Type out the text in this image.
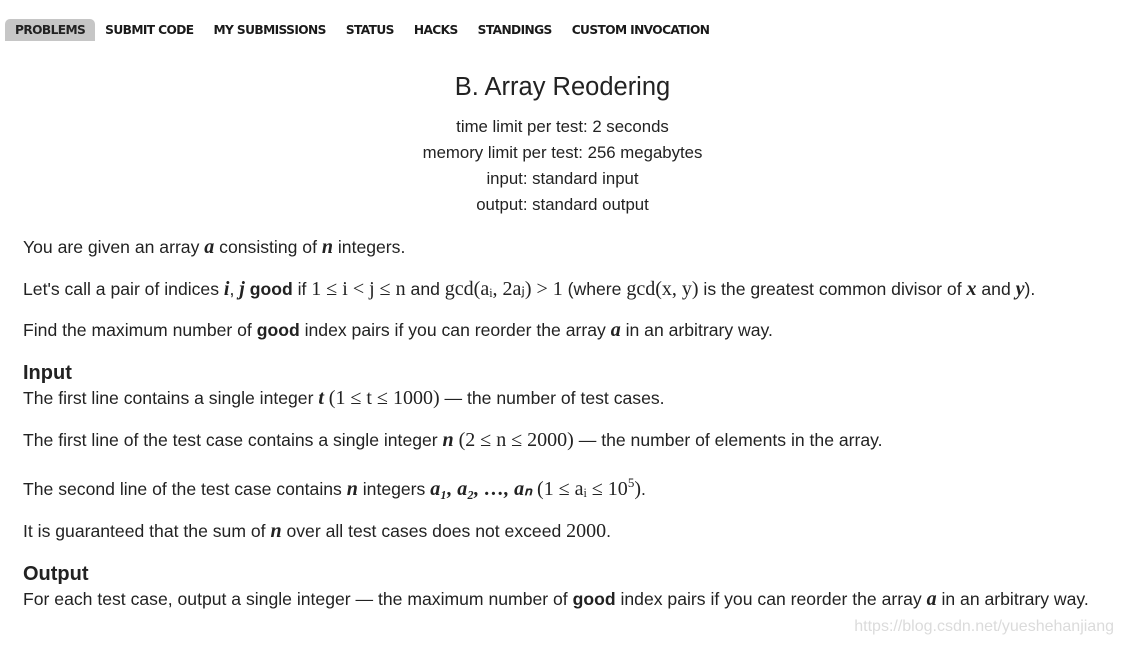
PROBLEMS	SUBMIT CODE	MY SUBMISSIONS	STATUS	HACKS	STANDINGS	CUSTOM INVOCATION
B. Array Reodering
time limit per test: 2 seconds
memory limit per test: 256 megabytes
input: standard input
output: standard output

You are given an array a consisting of n integers.

Let's call a pair of indices i, j good if 1 ≤ i < j ≤ n and gcd(aᵢ, 2aⱼ) > 1 (where gcd(x, y) is the greatest common divisor of x and y).

Find the maximum number of good index pairs if you can reorder the array a in an arbitrary way.

Input

The first line contains a single integer t (1 ≤ t ≤ 1000) — the number of test cases.

The first line of the test case contains a single integer n (2 ≤ n ≤ 2000) — the number of elements in the array.

The second line of the test case contains n integers a₁, a₂, …, aₙ (1 ≤ aᵢ ≤ $10^5$).

It is guaranteed that the sum of n over all test cases does not exceed 2000.

Output

For each test case, output a single integer — the maximum number of good index pairs if you can reorder the array a in an arbitrary way.

https://blog.csdn.net/yueshehanjiang
